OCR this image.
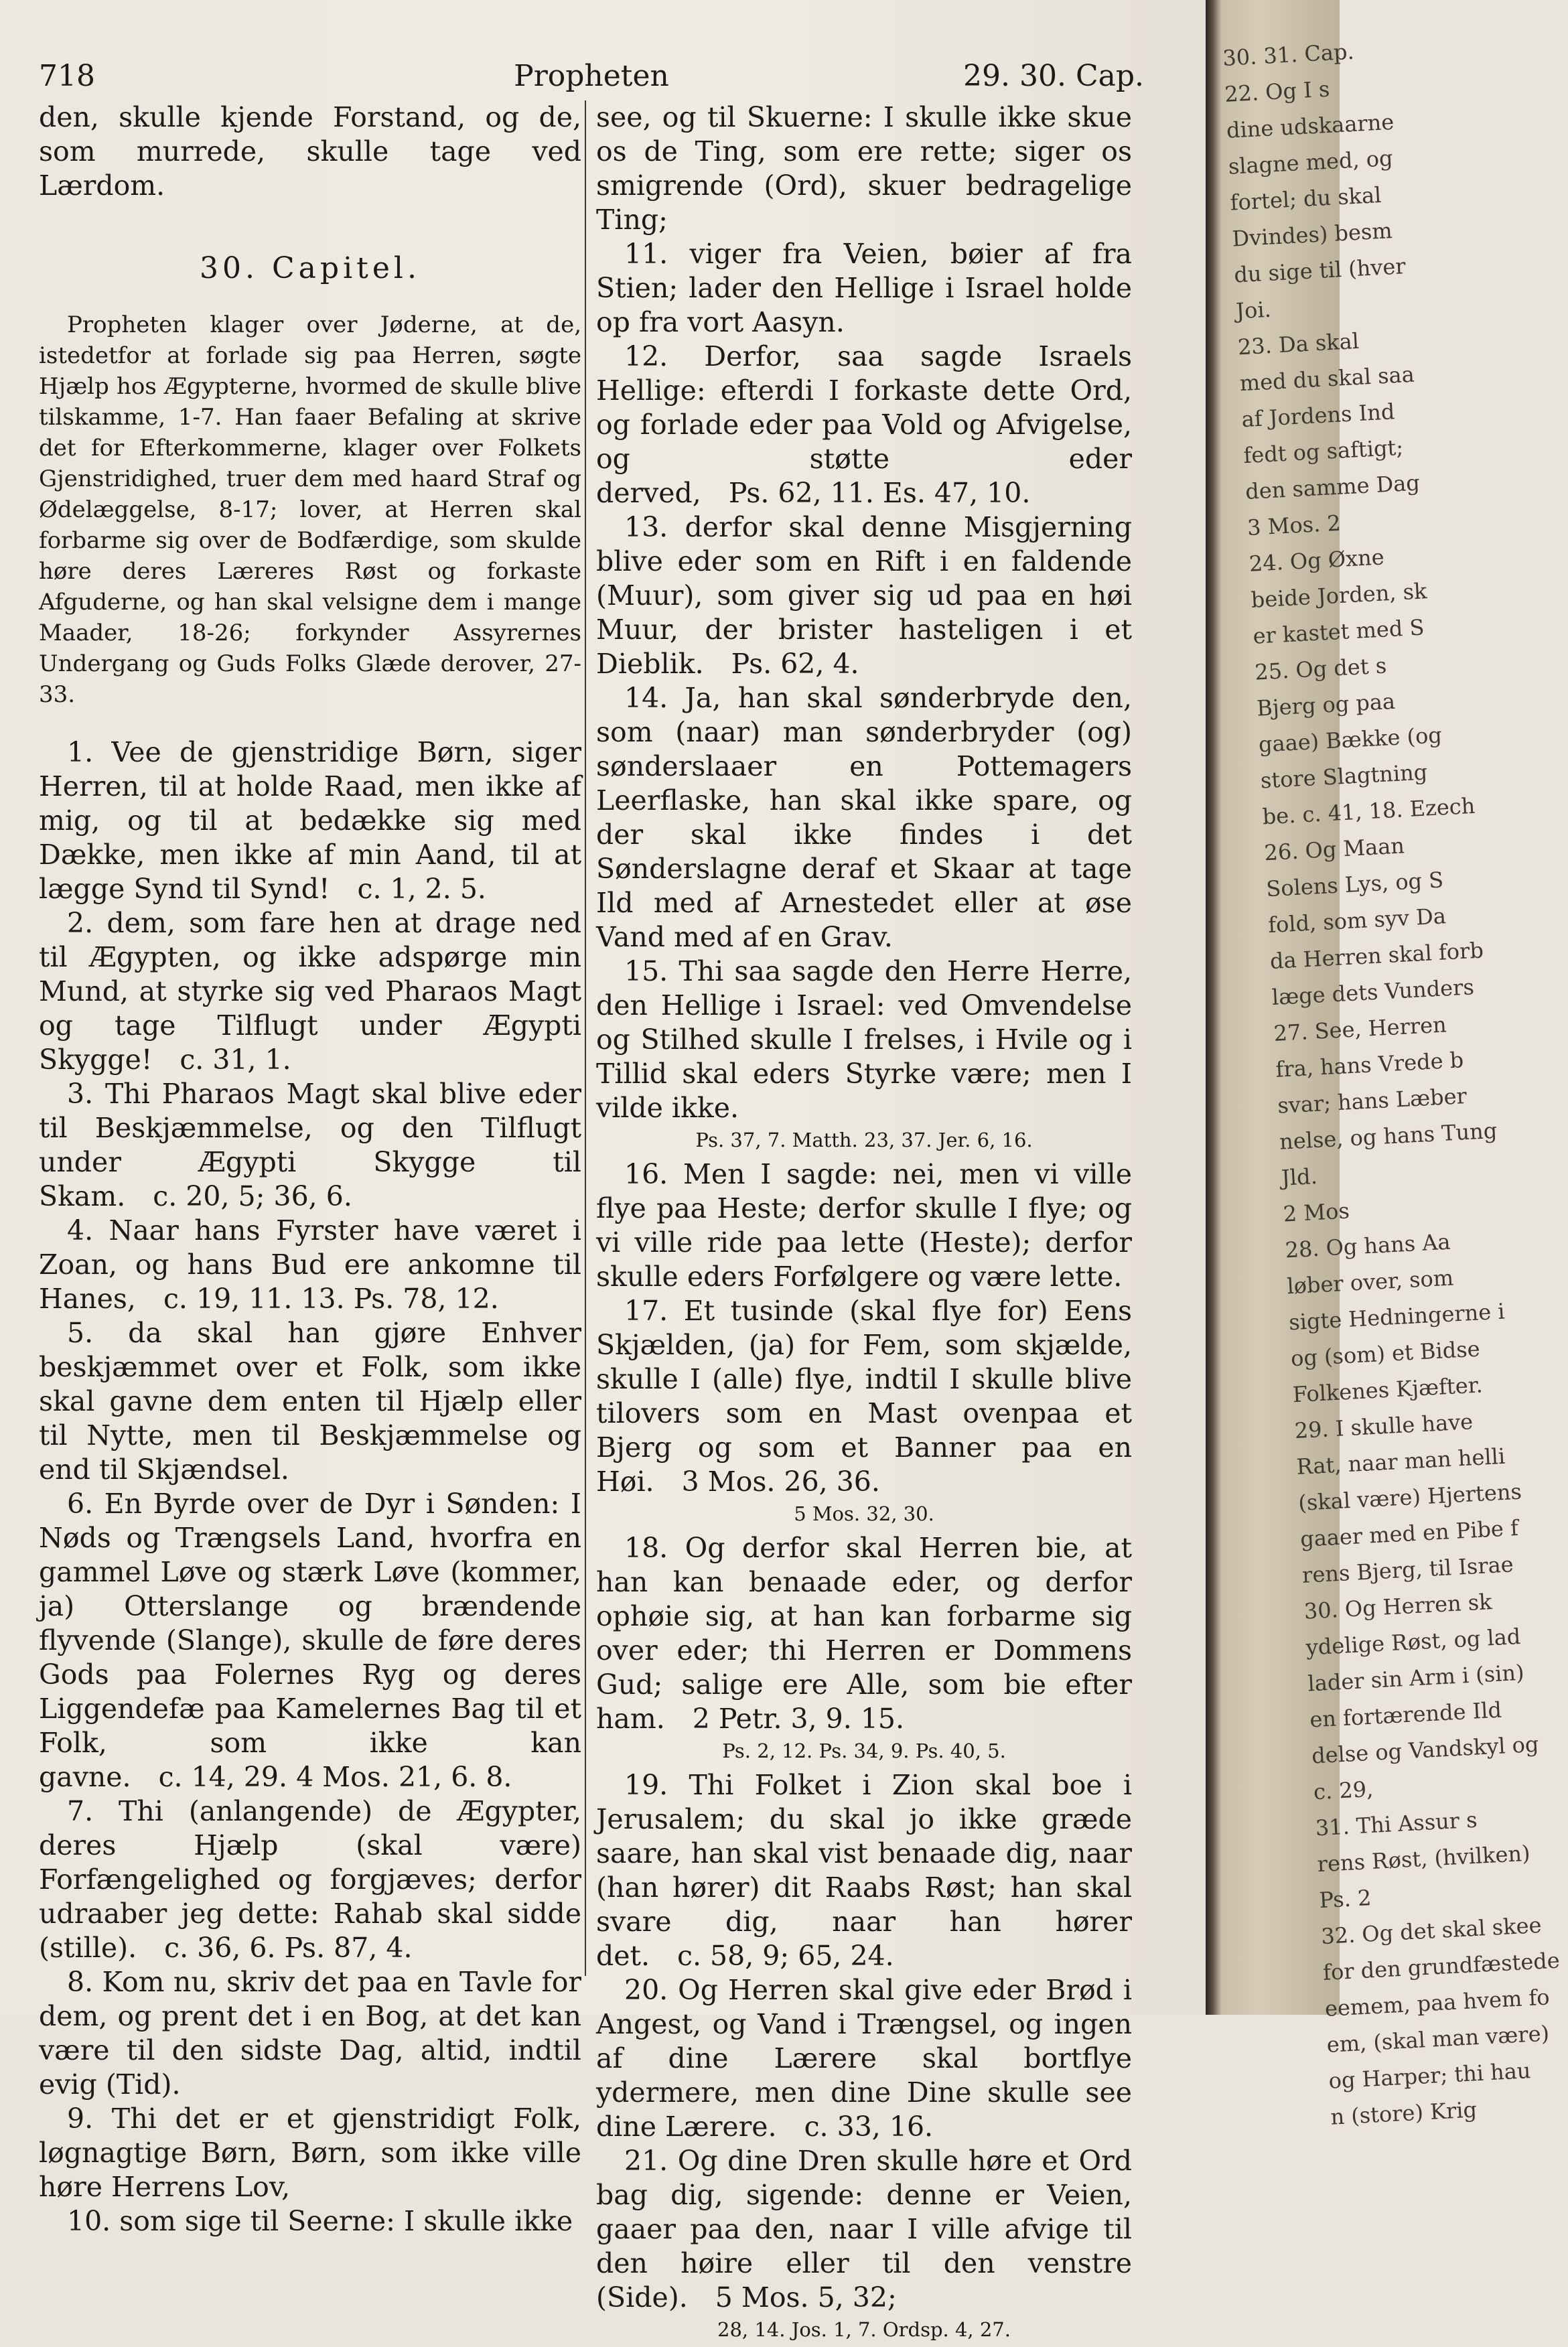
718	Propheten	29. 30. Cap.

den, skulle kjende Forstand, og de, som murrede, skulle tage ved Lærdom.

30. Capitel.

Propheten klager over Jøderne, at de, istedetfor at forlade sig paa Herren, søgte Hjælp hos Ægypterne, hvormed de skulle blive tilskamme, 1-7. Han faaer Befaling at skrive det for Efterkommerne, klager over Folkets Gjenstridighed, truer dem med haard Straf og Ødelæggelse, 8-17; lover, at Herren skal forbarme sig over de Bodfærdige, som skulde høre deres Læreres Røst og forkaste Afguderne, og han skal velsigne dem i mange Maader, 18-26; forkynder Assyrernes Undergang og Guds Folks Glæde derover, 27-33.

1. Vee de gjenstridige Børn, siger Herren, til at holde Raad, men ikke af mig, og til at bedække sig med Dække, men ikke af min Aand, til at lægge Synd til Synd! c. 1, 2. 5.

2. dem, som fare hen at drage ned til Ægypten, og ikke adspørge min Mund, at styrke sig ved Pharaos Magt og tage Tilflugt under Ægypti Skygge! c. 31, 1.

3. Thi Pharaos Magt skal blive eder til Beskjæmmelse, og den Tilflugt under Ægypti Skygge til Skam. c. 20, 5; 36, 6.

4. Naar hans Fyrster have været i Zoan, og hans Bud ere ankomne til Hanes, c. 19, 11. 13. Ps. 78, 12.

5. da skal han gjøre Enhver beskjæmmet over et Folk, som ikke skal gavne dem enten til Hjælp eller til Nytte, men til Beskjæmmelse og end til Skjændsel.

6. En Byrde over de Dyr i Sønden: I Nøds og Trængsels Land, hvorfra en gammel Løve og stærk Løve (kommer, ja) Otterslange og brændende flyvende (Slange), skulle de føre deres Gods paa Folernes Ryg og deres Liggendefæ paa Kamelernes Bag til et Folk, som ikke kan gavne. c. 14, 29. 4 Mos. 21, 6. 8.

7. Thi (anlangende) de Ægypter, deres Hjælp (skal være) Forfængelighed og forgjæves; derfor udraaber jeg dette: Rahab skal sidde (stille). c. 36, 6. Ps. 87, 4.

8. Kom nu, skriv det paa en Tavle for dem, og prent det i en Bog, at det kan være til den sidste Dag, altid, indtil evig (Tid).

9. Thi det er et gjenstridigt Folk, løgnagtige Børn, Børn, som ikke ville høre Herrens Lov,

10. som sige til Seerne: I skulle ikke

see, og til Skuerne: I skulle ikke skue os de Ting, som ere rette; siger os smigrende (Ord), skuer bedragelige Ting;

11. viger fra Veien, bøier af fra Stien; lader den Hellige i Israel holde op fra vort Aasyn.

12. Derfor, saa sagde Israels Hellige: efterdi I forkaste dette Ord, og forlade eder paa Vold og Afvigelse, og støtte eder derved, Ps. 62, 11. Es. 47, 10.

13. derfor skal denne Misgjerning blive eder som en Rift i en faldende (Muur), som giver sig ud paa en høi Muur, der brister hasteligen i et Dieblik. Ps. 62, 4.

14. Ja, han skal sønderbryde den, som (naar) man sønderbryder (og) sønderslaaer en Pottemagers Leerflaske, han skal ikke spare, og der skal ikke findes i det Sønderslagne deraf et Skaar at tage Ild med af Arnestedet eller at øse Vand med af en Grav.

15. Thi saa sagde den Herre Herre, den Hellige i Israel: ved Omvendelse og Stilhed skulle I frelses, i Hvile og i Tillid skal eders Styrke være; men I vilde ikke.

Ps. 37, 7. Matth. 23, 37. Jer. 6, 16.

16. Men I sagde: nei, men vi ville flye paa Heste; derfor skulle I flye; og vi ville ride paa lette (Heste); derfor skulle eders Forfølgere og være lette.

17. Et tusinde (skal flye for) Eens Skjælden, (ja) for Fem, som skjælde, skulle I (alle) flye, indtil I skulle blive tilovers som en Mast ovenpaa et Bjerg og som et Banner paa en Høi. 3 Mos. 26, 36.

5 Mos. 32, 30.

18. Og derfor skal Herren bie, at han kan benaade eder, og derfor ophøie sig, at han kan forbarme sig over eder; thi Herren er Dommens Gud; salige ere Alle, som bie efter ham. 2 Petr. 3, 9. 15.

Ps. 2, 12. Ps. 34, 9. Ps. 40, 5.

19. Thi Folket i Zion skal boe i Jerusalem; du skal jo ikke græde saare, han skal vist benaade dig, naar (han hører) dit Raabs Røst; han skal svare dig, naar han hører det. c. 58, 9; 65, 24.

20. Og Herren skal give eder Brød i Angest, og Vand i Trængsel, og ingen af dine Lærere skal bortflye ydermere, men dine Dine skulle see dine Lærere. c. 33, 16.

21. Og dine Dren skulle høre et Ord bag dig, sigende: denne er Veien, gaaer paa den, naar I ville afvige til den høire eller til den venstre (Side). 5 Mos. 5, 32;

28, 14. Jos. 1, 7. Ordsp. 4, 27.
30. 31. Cap.
22. Og I s
dine udskaarne
slagne med, og
fortel; du skal
Dvindes) besm
du sige til (hver
Joi.
23. Da skal
med du skal saa
af Jordens Ind
fedt og saftigt;
den samme Dag
3 Mos. 2
24. Og Øxne
beide Jorden, sk
er kastet med S
25. Og det s
Bjerg og paa
gaae) Bække (og
store Slagtning
be. c. 41, 18. Ezech
26. Og Maan
Solens Lys, og S
fold, som syv Da
da Herren skal forb
læge dets Vunders
27. See, Herren
fra, hans Vrede b
svar; hans Læber
nelse, og hans Tung
Jld.
2 Mos
28. Og hans Aa
løber over, som
sigte Hedningerne i
og (som) et Bidse
Folkenes Kjæfter.
29. I skulle have
Rat, naar man helli
(skal være) Hjertens
gaaer med en Pibe f
rens Bjerg, til Israe
30. Og Herren sk
ydelige Røst, og lad
lader sin Arm i (sin)
en fortærende Ild
delse og Vandskyl og
c. 29,
31. Thi Assur s
rens Røst, (hvilken)
Ps. 2
32. Og det skal skee
for den grundfæstede
eemem, paa hvem fo
em, (skal man være)
og Harper; thi hau
n (store) Krig
